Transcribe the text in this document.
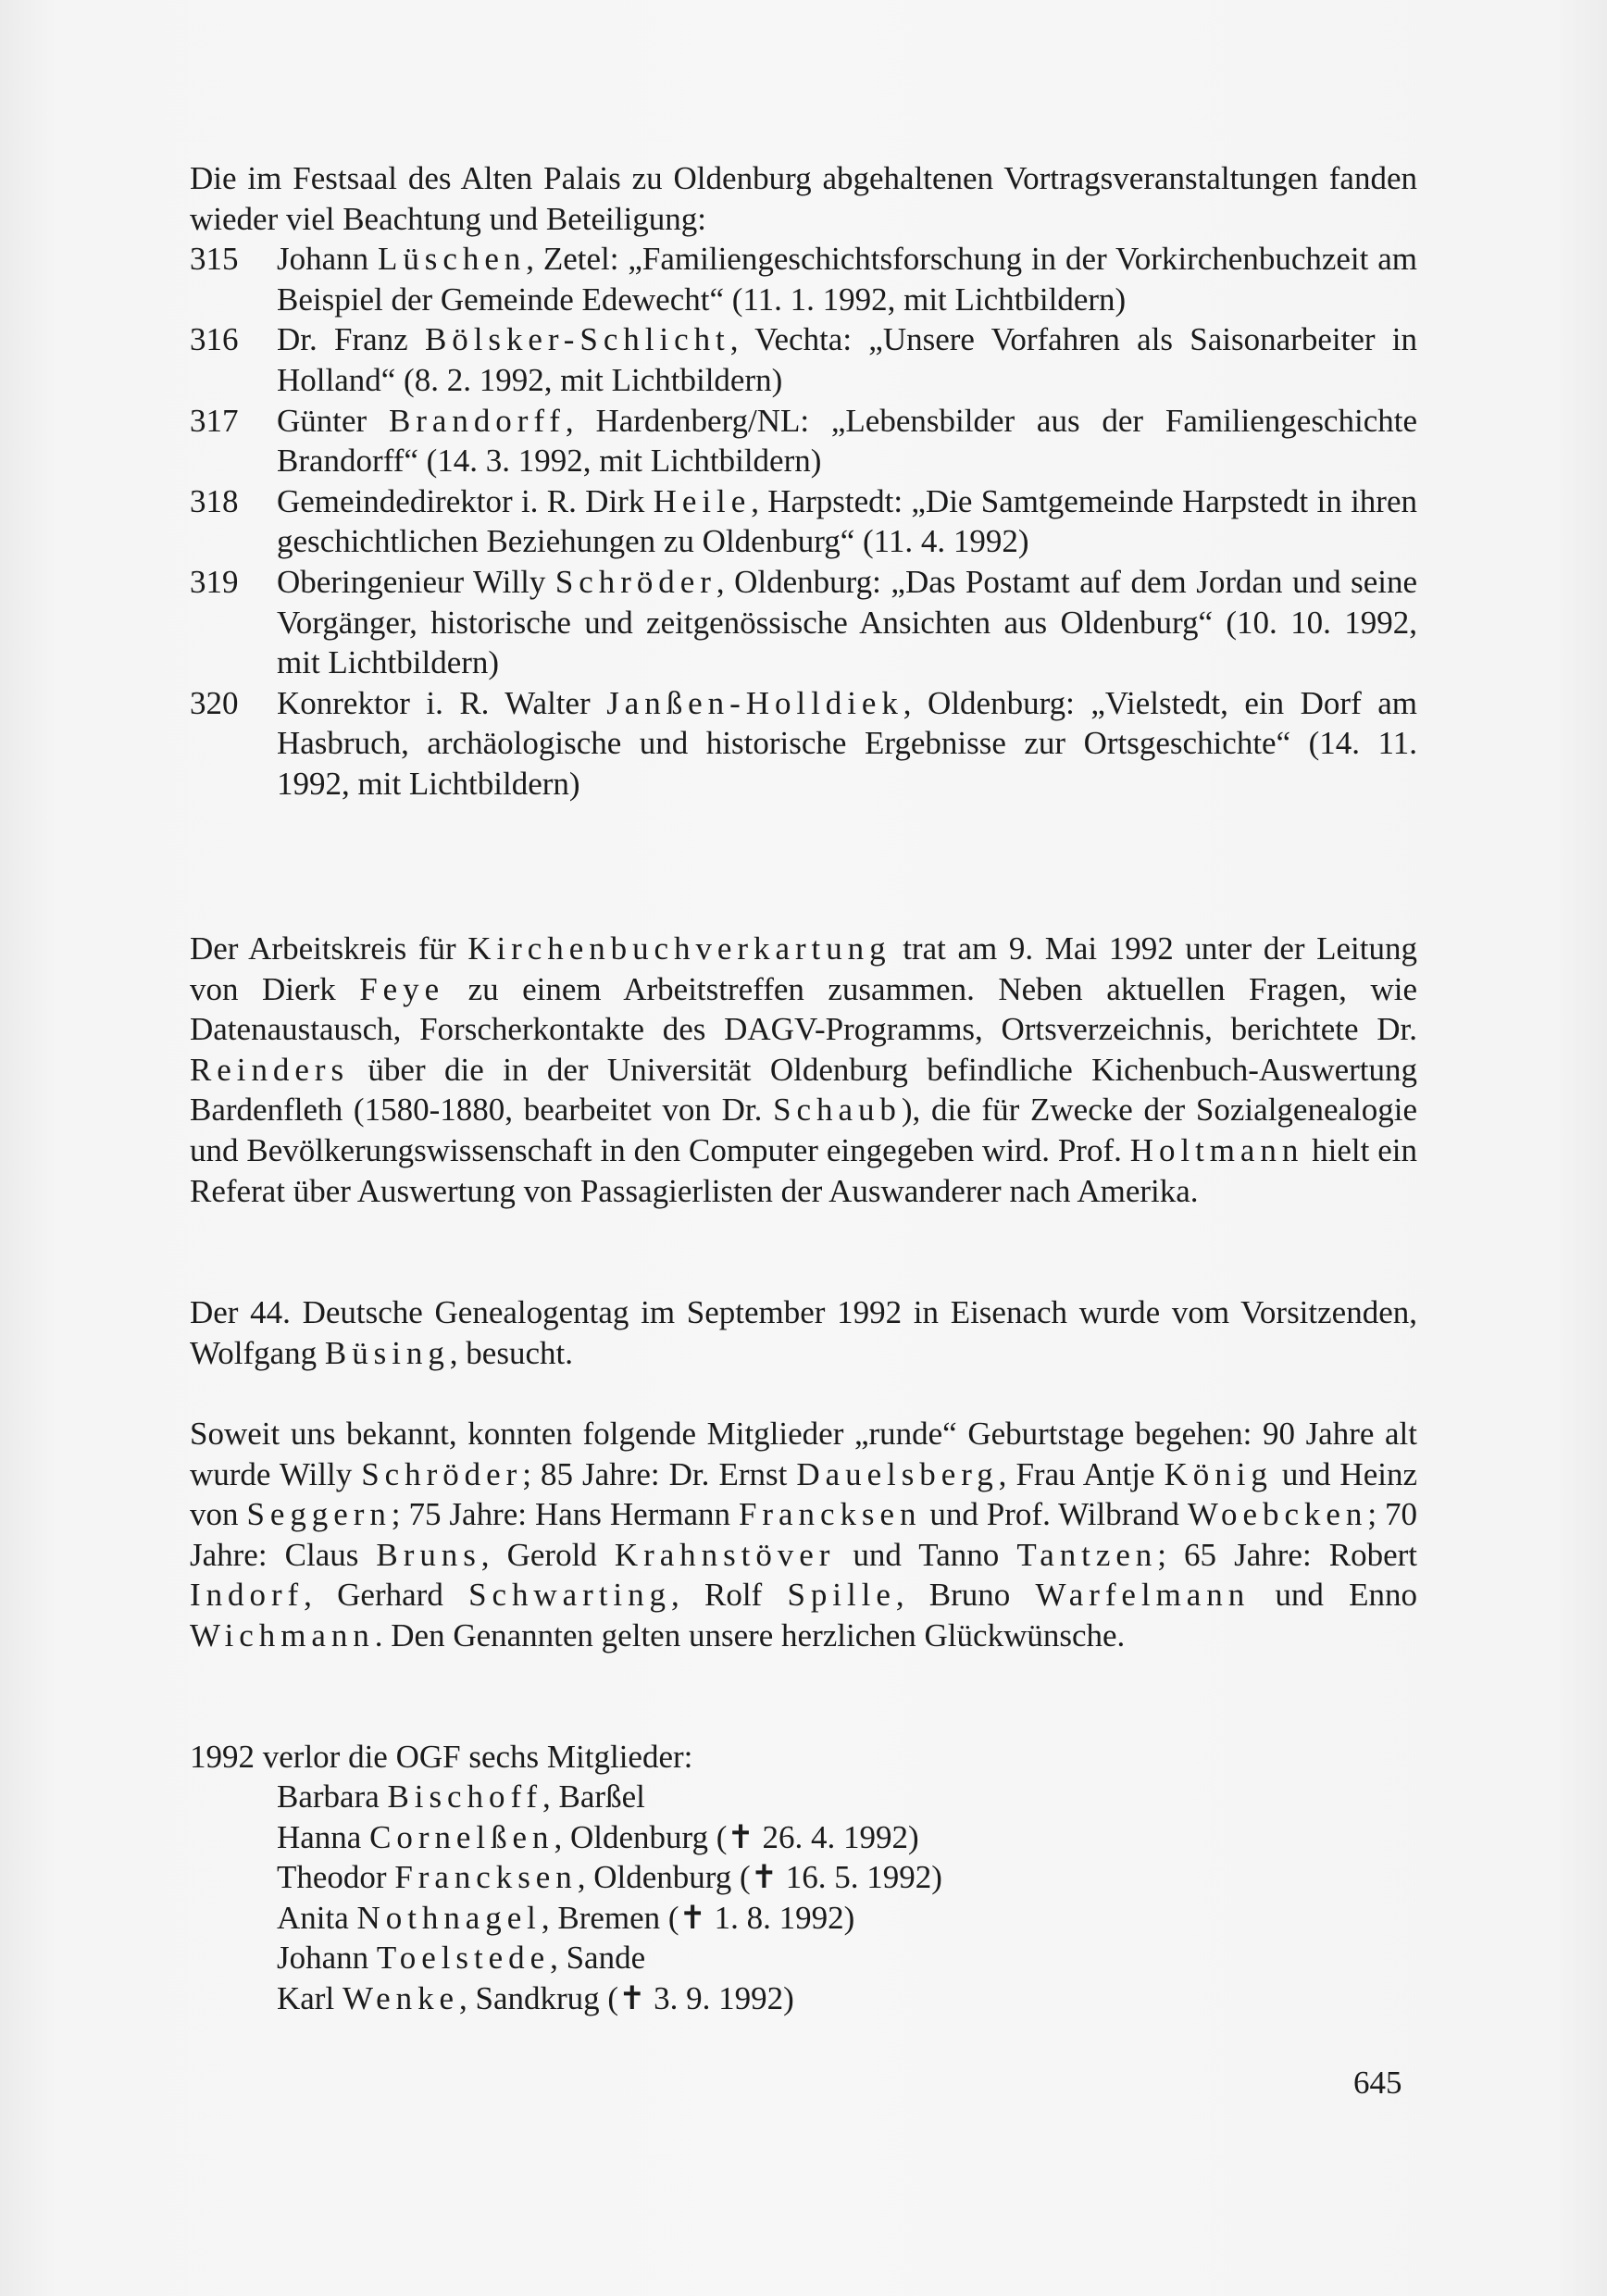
Die im Festsaal des Alten Palais zu Oldenburg abgehaltenen Vortragsveranstaltungen fanden wieder viel Beachtung und Beteiligung:

315	Johann Lüschen, Zetel: „Familiengeschichtsforschung in der Vorkirchenbuchzeit am Beispiel der Gemeinde Edewecht“ (11. 1. 1992, mit Lichtbildern)
316	Dr. Franz Bölsker-Schlicht, Vechta: „Unsere Vorfahren als Saisonarbeiter in Holland“ (8. 2. 1992, mit Lichtbildern)
317	Günter Brandorff, Hardenberg/NL: „Lebensbilder aus der Familiengeschichte Brandorff“ (14. 3. 1992, mit Lichtbildern)
318	Gemeindedirektor i. R. Dirk Heile, Harpstedt: „Die Samtgemeinde Harpstedt in ihren geschichtlichen Beziehungen zu Oldenburg“ (11. 4. 1992)
319	Oberingenieur Willy Schröder, Oldenburg: „Das Postamt auf dem Jordan und seine Vorgänger, historische und zeitgenössische Ansichten aus Oldenburg“ (10. 10. 1992, mit Lichtbildern)
320	Konrektor i. R. Walter Janßen-Holldiek, Oldenburg: „Vielstedt, ein Dorf am Hasbruch, archäologische und historische Ergebnisse zur Ortsgeschichte“ (14. 11. 1992, mit Lichtbildern)

Der Arbeitskreis für Kirchenbuchverkartung trat am 9. Mai 1992 unter der Leitung von Dierk Feye zu einem Arbeitstreffen zusammen. Neben aktuellen Fragen, wie Datenaustausch, Forscherkontakte des DAGV-Programms, Ortsverzeichnis, berichtete Dr. Reinders über die in der Universität Oldenburg befindliche Kichenbuch-Auswertung Bardenfleth (1580-1880, bearbeitet von Dr. Schaub), die für Zwecke der Sozialgenealogie und Bevölkerungswissenschaft in den Computer eingegeben wird. Prof. Holtmann hielt ein Referat über Auswertung von Passagierlisten der Auswanderer nach Amerika.

Der 44. Deutsche Genealogentag im September 1992 in Eisenach wurde vom Vorsitzenden, Wolfgang Büsing, besucht.

Soweit uns bekannt, konnten folgende Mitglieder „runde“ Geburtstage begehen: 90 Jahre alt wurde Willy Schröder; 85 Jahre: Dr. Ernst Dauelsberg, Frau Antje König und Heinz von Seggern; 75 Jahre: Hans Hermann Francksen und Prof. Wilbrand Woebcken; 70 Jahre: Claus Bruns, Gerold Krahnstöver und Tanno Tantzen; 65 Jahre: Robert Indorf, Gerhard Schwarting, Rolf Spille, Bruno Warfelmann und Enno Wichmann. Den Genannten gelten unsere herzlichen Glückwünsche.

1992 verlor die OGF sechs Mitglieder:

Barbara Bischoff, Barßel
Hanna Cornelßen, Oldenburg (✝ 26. 4. 1992)
Theodor Francksen, Oldenburg (✝ 16. 5. 1992)
Anita Nothnagel, Bremen (✝ 1. 8. 1992)
Johann Toelstede, Sande
Karl Wenke, Sandkrug (✝ 3. 9. 1992)
645
